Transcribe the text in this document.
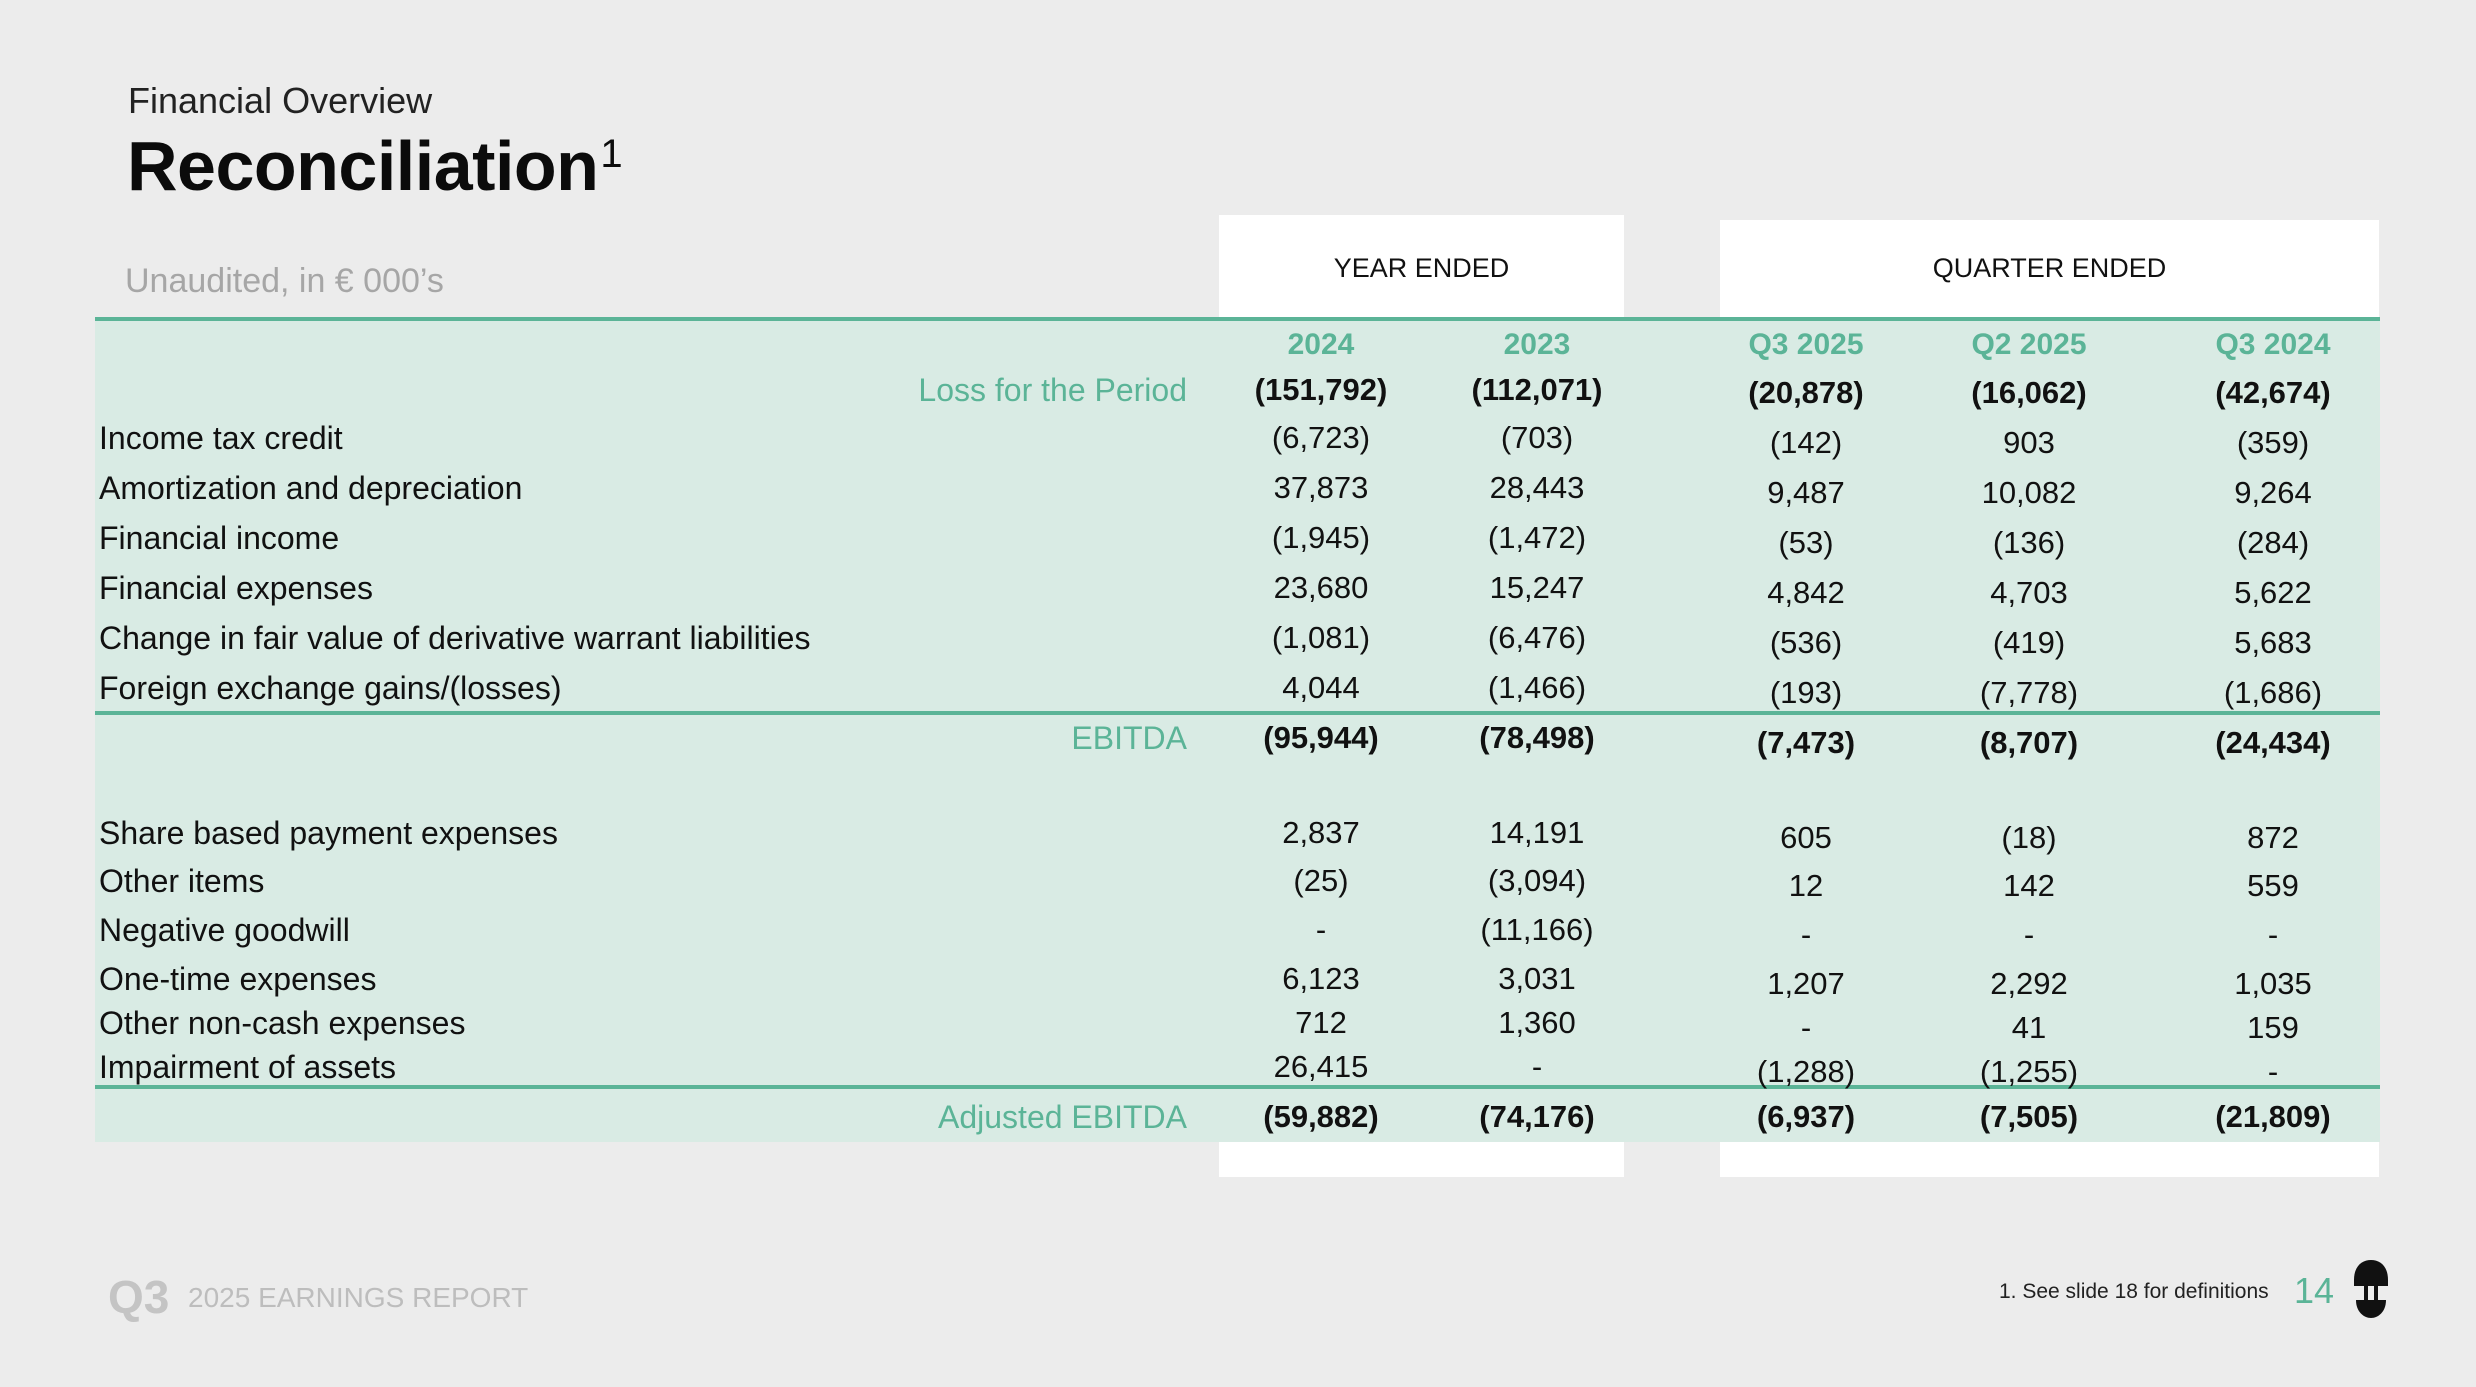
Financial Overview
Reconciliation$^1$
Unaudited, in € 000’s	YEAR ENDED	QUARTER ENDED
2024	2023	Q3 2025	Q2 2025	Q3 2024
Loss for the Period	(151,792)	(112,071)	(20,878)	(16,062)	(42,674)
Income tax credit	(6,723)	(703)	(142)	903	(359)
Amortization and depreciation	37,873	28,443	9,487	10,082	9,264
Financial income	(1,945)	(1,472)	(53)	(136)	(284)
Financial expenses	23,680	15,247	4,842	4,703	5,622
Change in fair value of derivative warrant liabilities	(1,081)	(6,476)	(536)	(419)	5,683
Foreign exchange gains/(losses)	4,044	(1,466)	(193)	(7,778)	(1,686)
EBITDA	(95,944)	(78,498)	(7,473)	(8,707)	(24,434)
Share based payment expenses	2,837	14,191	605	(18)	872
Other items	(25)	(3,094)	12	142	559
Negative goodwill	-	(11,166)	-	-	-
One-time expenses	6,123	3,031	1,207	2,292	1,035
Other non-cash expenses	712	1,360	-	41	159
Impairment of assets	26,415	-	(1,288)	(1,255)	-
Adjusted EBITDA	(59,882)	(74,176)	(6,937)	(7,505)	(21,809)
Q3 2025 EARNINGS REPORT	1. See slide 18 for definitions 14
